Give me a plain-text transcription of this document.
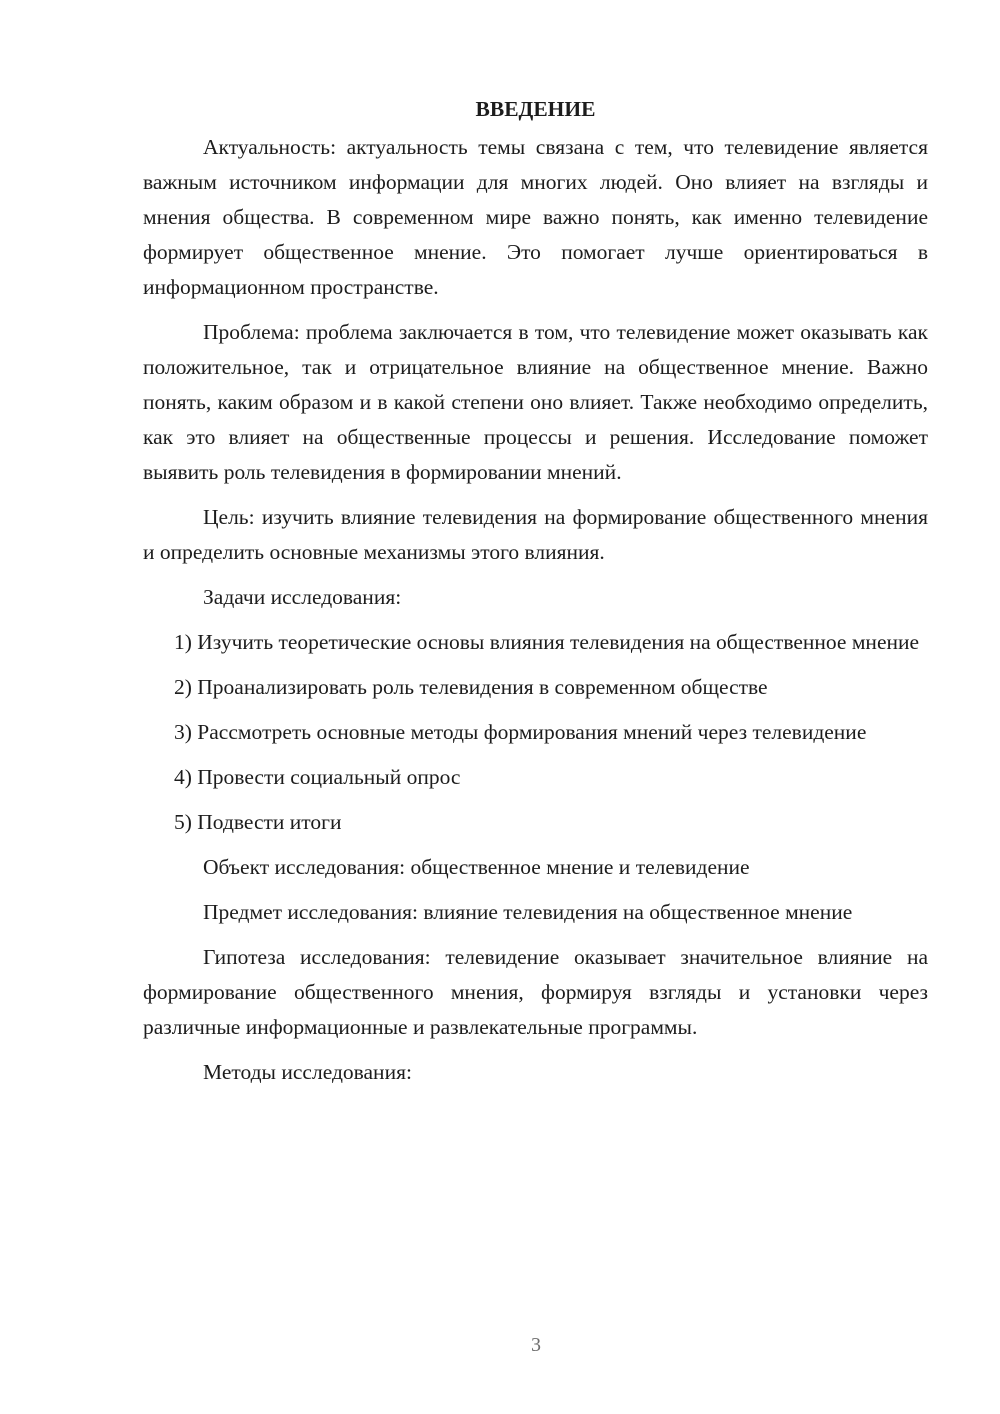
ВВЕДЕНИЕ

Актуальность: актуальность темы связана с тем, что телевидение является важным источником информации для многих людей. Оно влияет на взгляды и мнения общества. В современном мире важно понять, как именно телевидение формирует общественное мнение. Это помогает лучше ориентироваться в информационном пространстве.

Проблема: проблема заключается в том, что телевидение может оказывать как положительное, так и отрицательное влияние на общественное мнение. Важно понять, каким образом и в какой степени оно влияет. Также необходимо определить, как это влияет на общественные процессы и решения. Исследование поможет выявить роль телевидения в формировании мнений.

Цель: изучить влияние телевидения на формирование общественного мнения и определить основные механизмы этого влияния.

Задачи исследования:

1) Изучить теоретические основы влияния телевидения на общественное мнение

2) Проанализировать роль телевидения в современном обществе

3) Рассмотреть основные методы формирования мнений через телевидение

4) Провести социальный опрос

5) Подвести итоги

Объект исследования: общественное мнение и телевидение

Предмет исследования: влияние телевидения на общественное мнение

Гипотеза исследования: телевидение оказывает значительное влияние на формирование общественного мнения, формируя взгляды и установки через различные информационные и развлекательные программы.

Методы исследования:

3
